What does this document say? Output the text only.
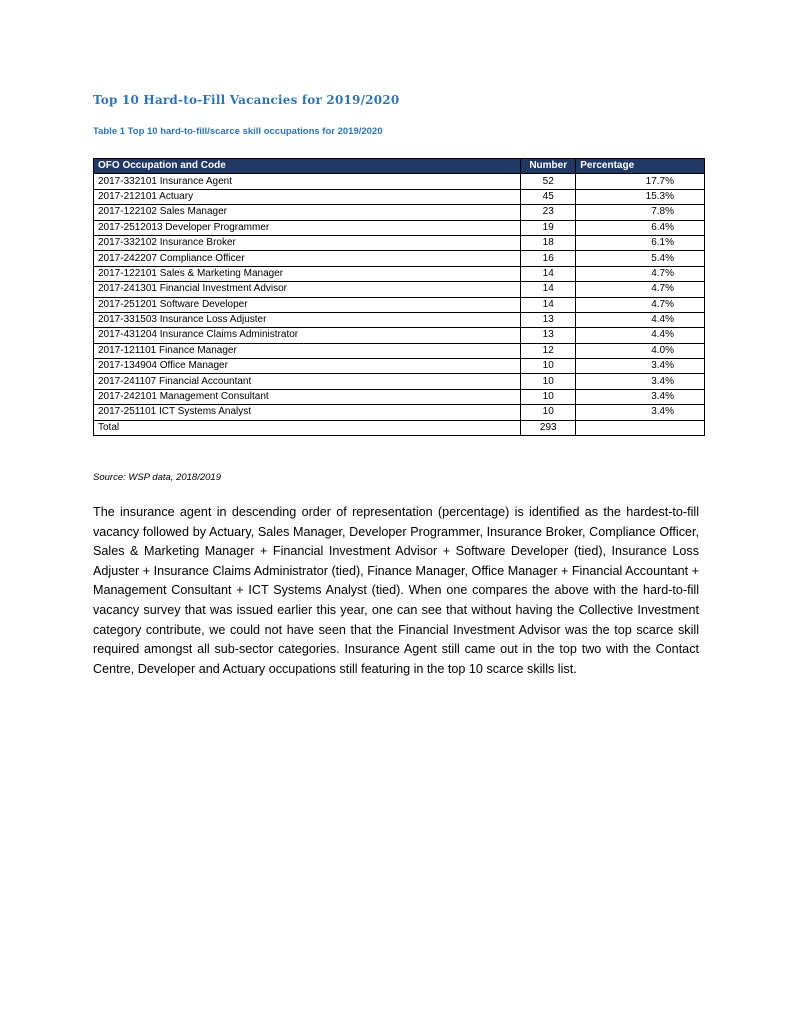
Top 10 Hard-to-Fill Vacancies for 2019/2020
Table 1 Top 10 hard-to-fill/scarce skill occupations for 2019/2020
OFO Occupation and Code	Number	Percentage
2017-332101 Insurance Agent	52	17.7%
2017-212101 Actuary	45	15.3%
2017-122102 Sales Manager	23	7.8%
2017-2512013 Developer Programmer	19	6.4%
2017-332102 Insurance Broker	18	6.1%
2017-242207 Compliance Officer	16	5.4%
2017-122101 Sales & Marketing Manager	14	4.7%
2017-241301 Financial Investment Advisor	14	4.7%
2017-251201 Software Developer	14	4.7%
2017-331503 Insurance Loss Adjuster	13	4.4%
2017-431204 Insurance Claims Administrator	13	4.4%
2017-121101 Finance Manager	12	4.0%
2017-134904 Office Manager	10	3.4%
2017-241107 Financial Accountant	10	3.4%
2017-242101 Management Consultant	10	3.4%
2017-251101 ICT Systems Analyst	10	3.4%
Total	293	
Source: WSP data, 2018/2019
The insurance agent in descending order of representation (percentage) is identified as the hardest-to-fill vacancy followed by Actuary, Sales Manager, Developer Programmer, Insurance Broker, Compliance Officer, Sales & Marketing Manager + Financial Investment Advisor + Software Developer (tied), Insurance Loss Adjuster + Insurance Claims Administrator (tied), Finance Manager, Office Manager + Financial Accountant + Management Consultant + ICT Systems Analyst (tied). When one compares the above with the hard-to-fill vacancy survey that was issued earlier this year, one can see that without having the Collective Investment category contribute, we could not have seen that the Financial Investment Advisor was the top scarce skill required amongst all sub-sector categories. Insurance Agent still came out in the top two with the Contact Centre, Developer and Actuary occupations still featuring in the top 10 scarce skills list.
